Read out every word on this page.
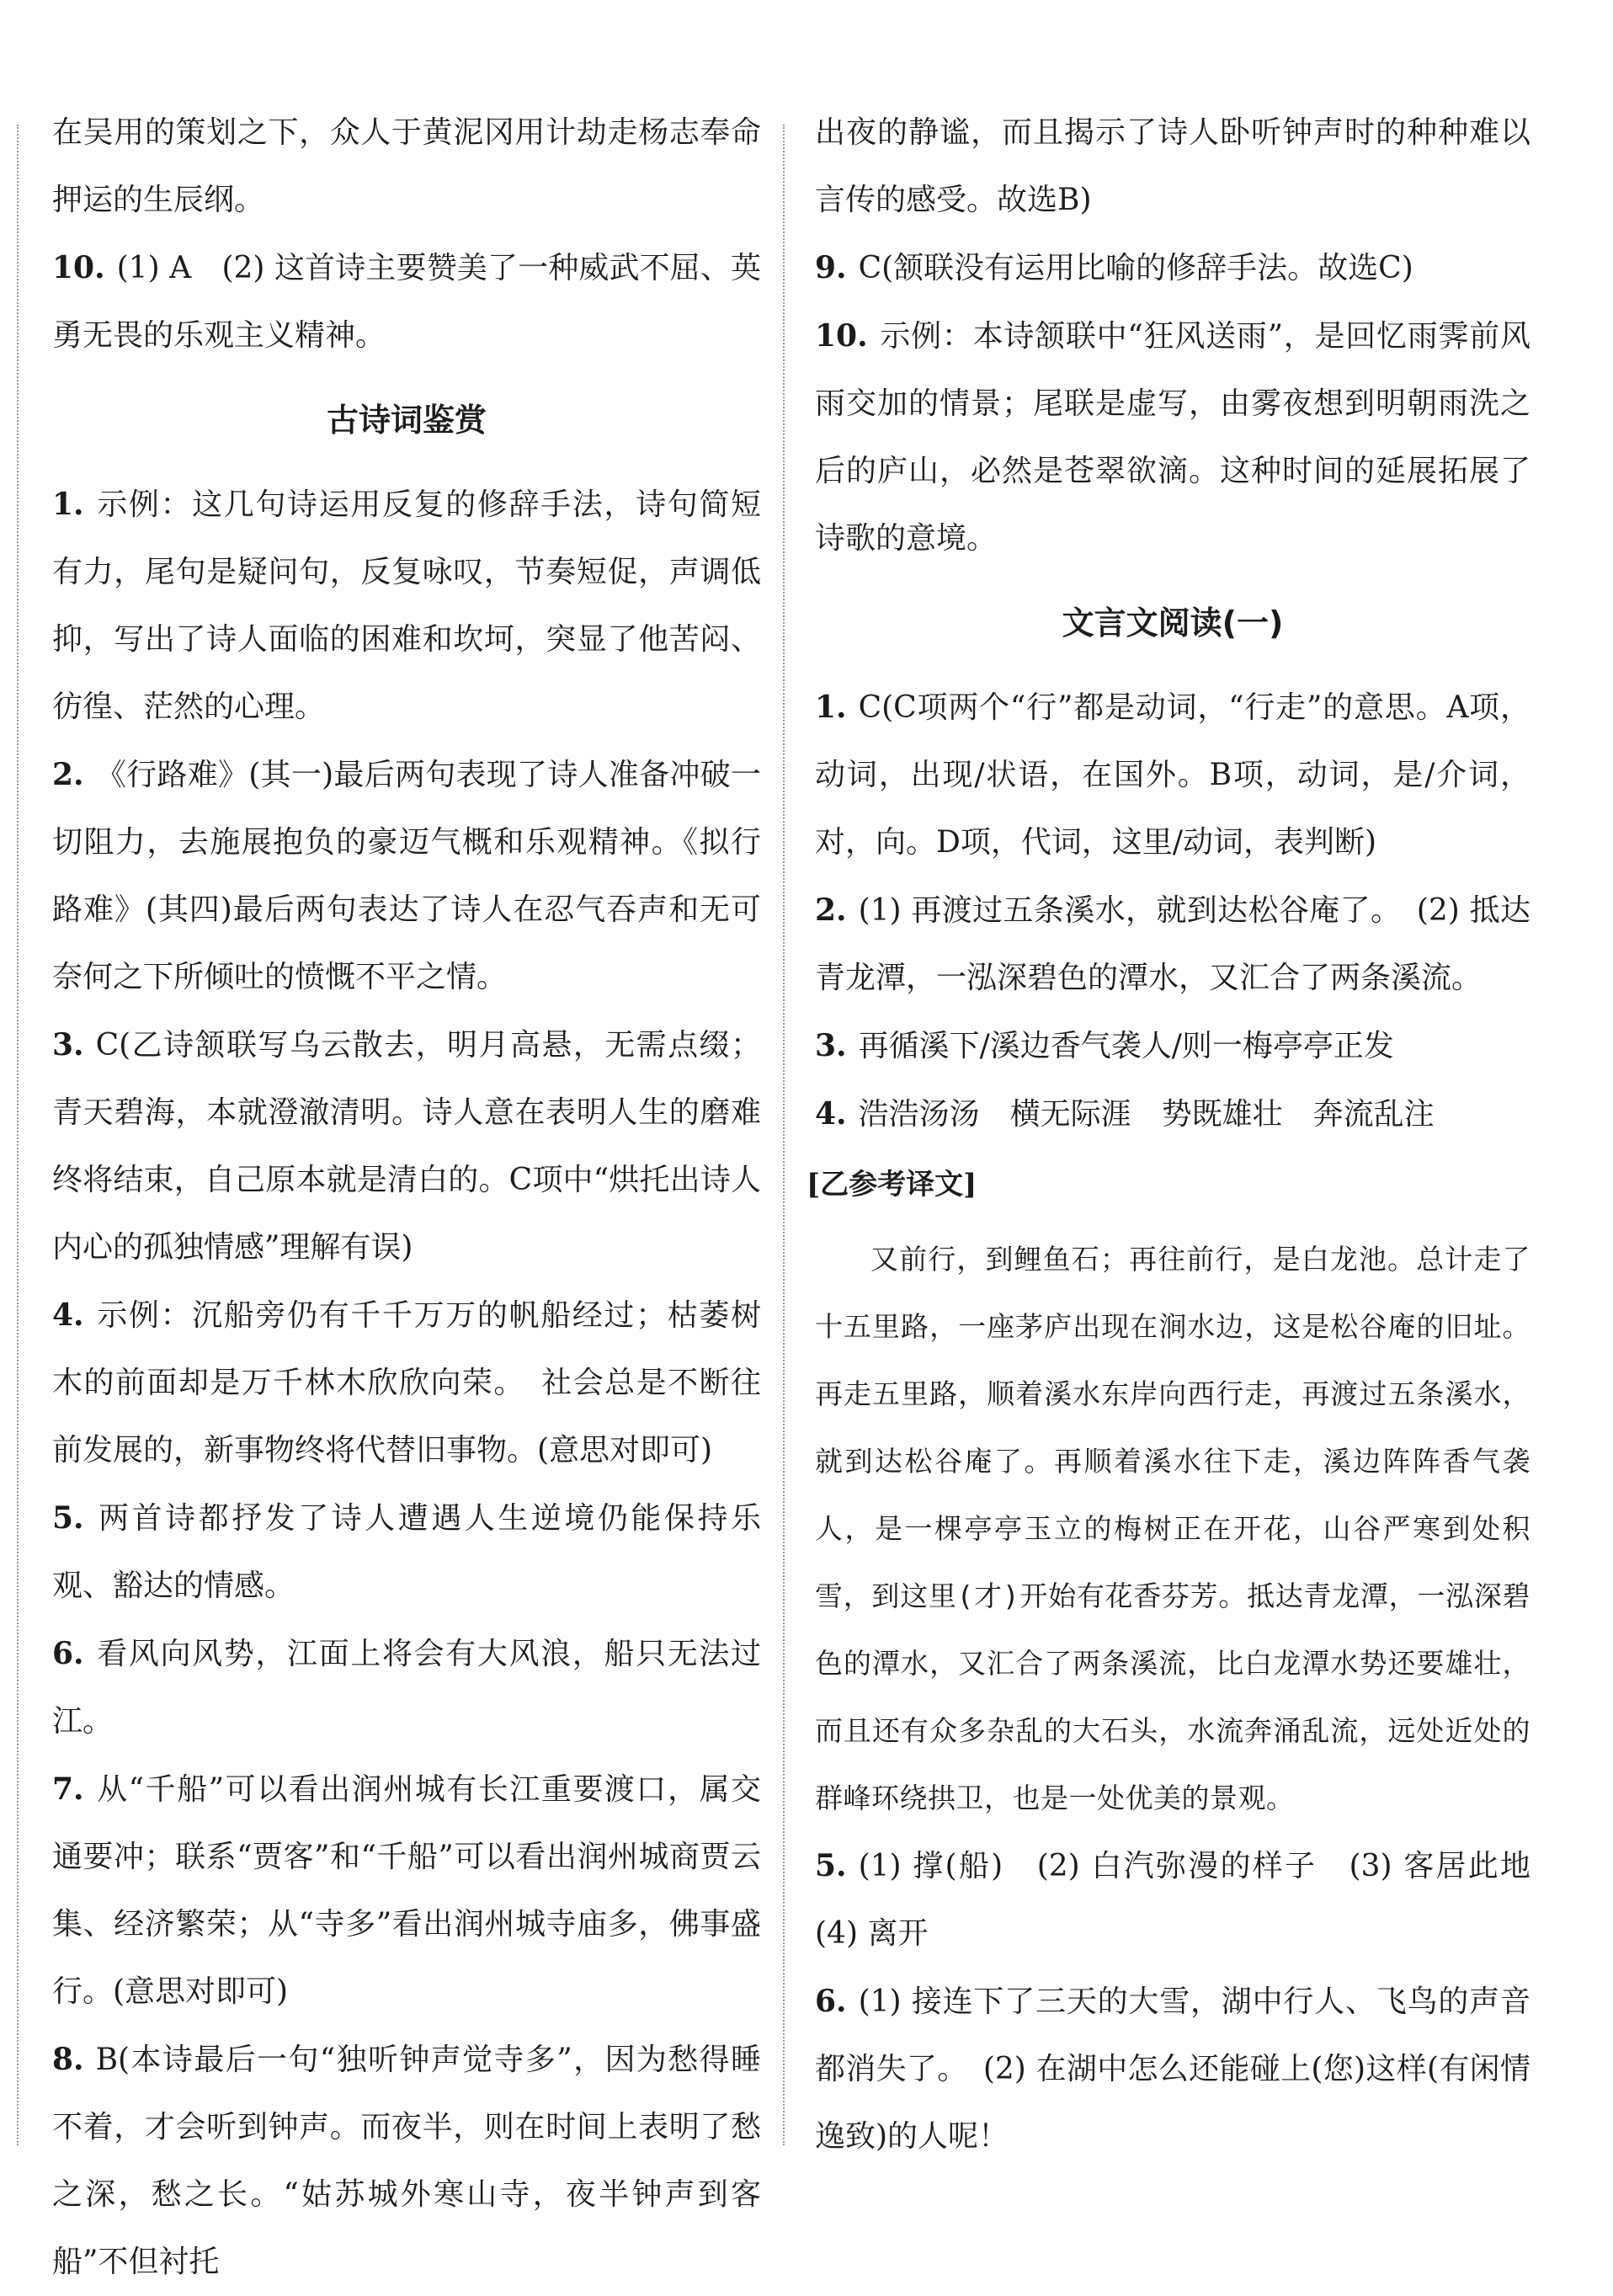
在吴用的策划之下，众人于黄泥冈用计劫走杨志奉命押运的生辰纲。

10. (1) A　(2) 这首诗主要赞美了一种威武不屈、英勇无畏的乐观主义精神。

古诗词鉴赏

1. 示例：这几句诗运用反复的修辞手法，诗句简短有力，尾句是疑问句，反复咏叹，节奏短促，声调低抑，写出了诗人面临的困难和坎坷，突显了他苦闷、彷徨、茫然的心理。

2. 《行路难》(其一)最后两句表现了诗人准备冲破一切阻力，去施展抱负的豪迈气概和乐观精神。《拟行路难》(其四)最后两句表达了诗人在忍气吞声和无可奈何之下所倾吐的愤慨不平之情。

3. C(乙诗颔联写乌云散去，明月高悬，无需点缀；青天碧海，本就澄澈清明。诗人意在表明人生的磨难终将结束，自己原本就是清白的。C项中“烘托出诗人内心的孤独情感”理解有误)

4. 示例：沉船旁仍有千千万万的帆船经过；枯萎树木的前面却是万千林木欣欣向荣。　社会总是不断往前发展的，新事物终将代替旧事物。(意思对即可)

5. 两首诗都抒发了诗人遭遇人生逆境仍能保持乐观、豁达的情感。

6. 看风向风势，江面上将会有大风浪，船只无法过江。

7. 从“千船”可以看出润州城有长江重要渡口，属交通要冲；联系“贾客”和“千船”可以看出润州城商贾云集、经济繁荣；从“寺多”看出润州城寺庙多，佛事盛行。(意思对即可)

8. B(本诗最后一句“独听钟声觉寺多”，因为愁得睡不着，才会听到钟声。而夜半，则在时间上表明了愁之深，愁之长。“姑苏城外寒山寺，夜半钟声到客船”不但衬托

出夜的静谧，而且揭示了诗人卧听钟声时的种种难以言传的感受。故选B)

9. C(颔联没有运用比喻的修辞手法。故选C)

10. 示例：本诗颔联中“狂风送雨”，是回忆雨霁前风雨交加的情景；尾联是虚写，由雾夜想到明朝雨洗之后的庐山，必然是苍翠欲滴。这种时间的延展拓展了诗歌的意境。

文言文阅读(一)

1. C(C项两个“行”都是动词，“行走”的意思。A项，动词，出现/状语，在国外。B项，动词，是/介词，对，向。D项，代词，这里/动词，表判断)

2. (1) 再渡过五条溪水，就到达松谷庵了。　(2) 抵达青龙潭，一泓深碧色的潭水，又汇合了两条溪流。

3. 再循溪下/溪边香气袭人/则一梅亭亭正发

4. 浩浩汤汤　横无际涯　势既雄壮　奔流乱注

[乙参考译文]

又前行，到鲤鱼石；再往前行，是白龙池。总计走了十五里路，一座茅庐出现在涧水边，这是松谷庵的旧址。再走五里路，顺着溪水东岸向西行走，再渡过五条溪水，就到达松谷庵了。再顺着溪水往下走，溪边阵阵香气袭人，是一棵亭亭玉立的梅树正在开花，山谷严寒到处积雪，到这里(才)开始有花香芬芳。抵达青龙潭，一泓深碧色的潭水，又汇合了两条溪流，比白龙潭水势还要雄壮，而且还有众多杂乱的大石头，水流奔涌乱流，远处近处的群峰环绕拱卫，也是一处优美的景观。

5. (1) 撑(船)　(2) 白汽弥漫的样子　(3) 客居此地　(4) 离开

6. (1) 接连下了三天的大雪，湖中行人、飞鸟的声音都消失了。　(2) 在湖中怎么还能碰上(您)这样(有闲情逸致)的人呢！
